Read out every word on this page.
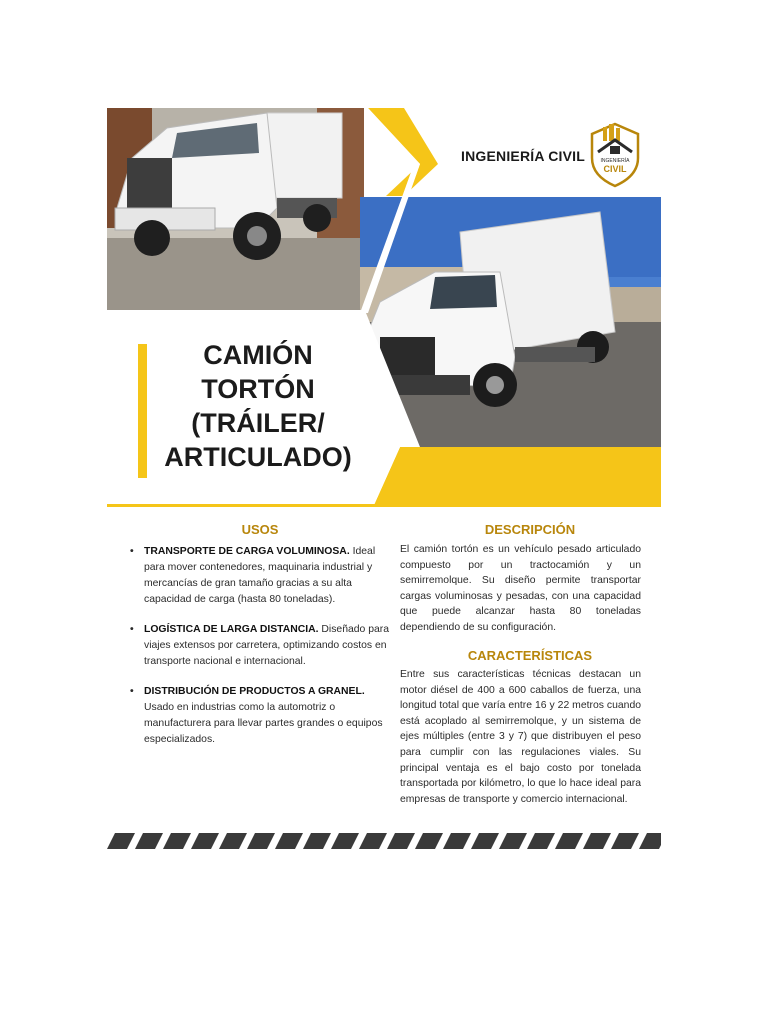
INGENIERÍA CIVIL	INGENIERÍA
CIVIL
CAMIÓN
TORTÓN
(TRÁILER/
ARTICULADO)
USOS
• TRANSPORTE DE CARGA VOLUMINOSA. Ideal para mover contenedores, maquinaria industrial y mercancías de gran tamaño gracias a su alta capacidad de carga (hasta 80 toneladas).
• LOGÍSTICA DE LARGA DISTANCIA. Diseñado para viajes extensos por carretera, optimizando costos en transporte nacional e internacional.
• DISTRIBUCIÓN DE PRODUCTOS A GRANEL. Usado en industrias como la automotriz o manufacturera para llevar partes grandes o equipos especializados.
DESCRIPCIÓN
El camión tortón es un vehículo pesado articulado compuesto por un tractocamión y un semirremolque. Su diseño permite transportar cargas voluminosas y pesadas, con una capacidad que puede alcanzar hasta 80 toneladas dependiendo de su configuración.
CARACTERÍSTICAS
Entre sus características técnicas destacan un motor diésel de 400 a 600 caballos de fuerza, una longitud total que varía entre 16 y 22 metros cuando está acoplado al semirremolque, y un sistema de ejes múltiples (entre 3 y 7) que distribuyen el peso para cumplir con las regulaciones viales. Su principal ventaja es el bajo costo por tonelada transportada por kilómetro, lo que lo hace ideal para empresas de transporte y comercio internacional.
